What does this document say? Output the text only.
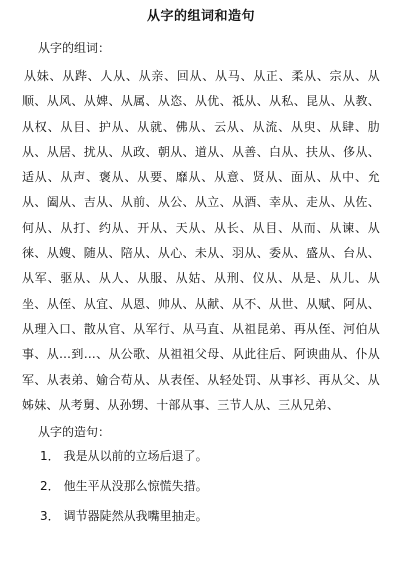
从字的组词和造句
从字的组词：

从妹、从跸、人从、从亲、回从、从马、从正、柔从、宗从、从顺、从风、从婢、从属、从恣、从优、祗从、从私、昆从、从教、从权、从目、护从、从就、佛从、云从、从流、从臾、从肆、肋从、从居、扰从、从政、朝从、道从、从善、白从、扶从、侈从、适从、从声、褒从、从要、靡从、从意、贤从、面从、从中、允从、阖从、吉从、从前、从公、从立、从酒、幸从、走从、从佐、何从、从打、约从、开从、天从、从长、从目、从而、从谏、从徕、从嫂、随从、陪从、从心、未从、羽从、委从、盛从、台从、从军、驱从、从人、从服、从姑、从刑、仪从、从是、从儿、从坐、从侄、从宜、从恩、帅从、从献、从不、从世、从赋、阿从、从理入口、散从官、从军行、从马直、从祖昆弟、再从侄、河伯从事、从…到…、从公歌、从祖祖父母、从此往后、阿谀曲从、仆从军、从表弟、媮合苟从、从表侄、从轻处罚、从事衫、再从父、从姊妹、从考舅、从孙甥、十部从事、三节人从、三从兄弟、

从字的造句：
1． 我是从以前的立场后退了。
2． 他生平从没那么惊慌失措。
3． 调节器陡然从我嘴里抽走。
